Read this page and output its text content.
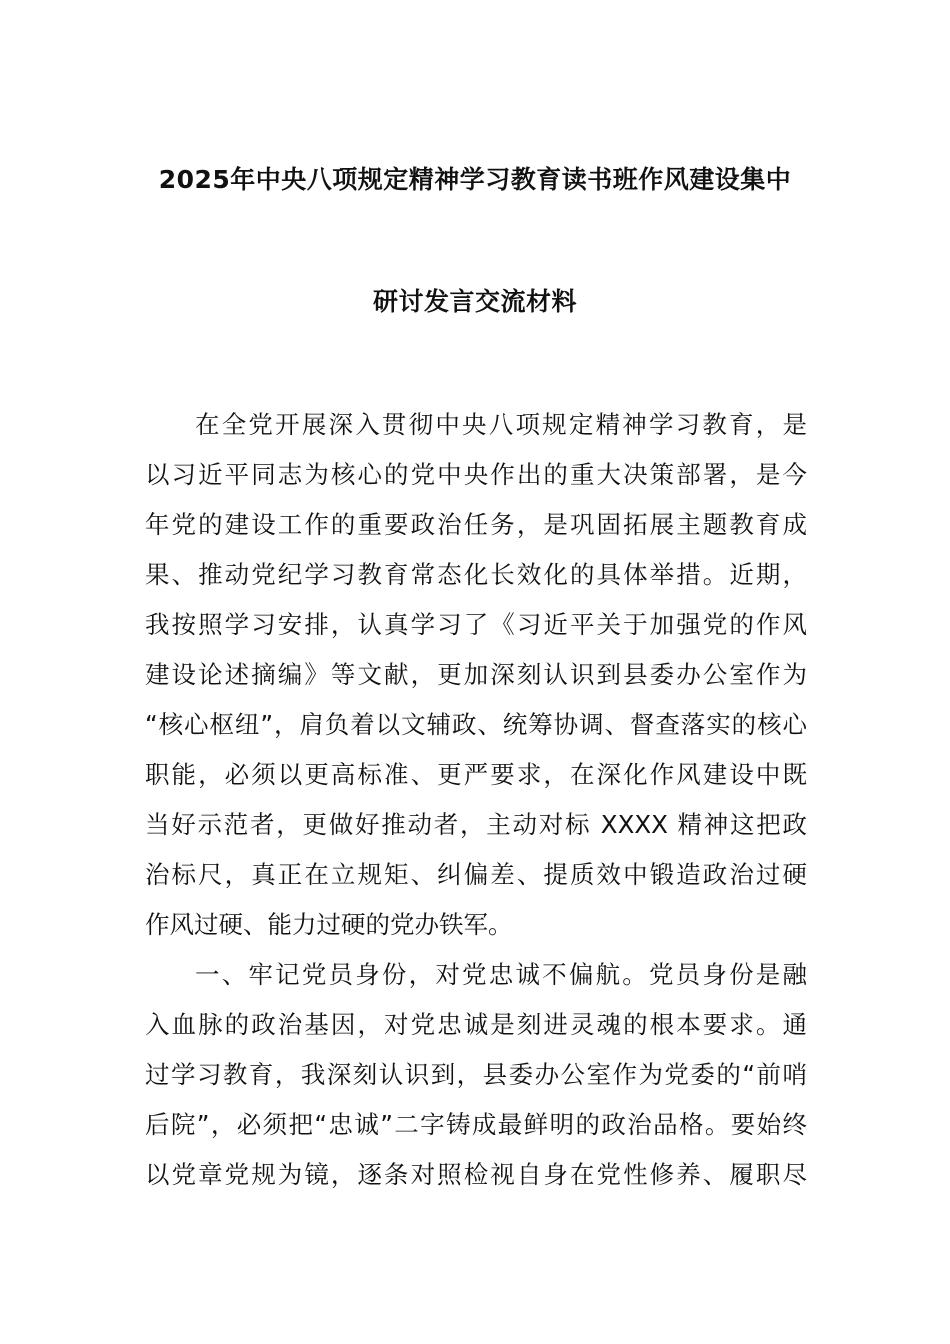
2025年中央八项规定精神学习教育读书班作风建设集中
研讨发言交流材料
在全党开展深入贯彻中央八项规定精神学习教育，是
以习近平同志为核心的党中央作出的重大决策部署，是今
年党的建设工作的重要政治任务，是巩固拓展主题教育成
果、推动党纪学习教育常态化长效化的具体举措。近期，
我按照学习安排，认真学习了《习近平关于加强党的作风
建设论述摘编》等文献，更加深刻认识到县委办公室作为
“核心枢纽”，肩负着以文辅政、统筹协调、督查落实的核心
职能，必须以更高标准、更严要求，在深化作风建设中既
当好示范者，更做好推动者，主动对标 XXXX 精神这把政
治标尺，真正在立规矩、纠偏差、提质效中锻造政治过硬
作风过硬、能力过硬的党办铁军。
一、牢记党员身份，对党忠诚不偏航。党员身份是融
入血脉的政治基因，对党忠诚是刻进灵魂的根本要求。通
过学习教育，我深刻认识到，县委办公室作为党委的“前哨
后院”，必须把“忠诚”二字铸成最鲜明的政治品格。要始终
以党章党规为镜，逐条对照检视自身在党性修养、履职尽
